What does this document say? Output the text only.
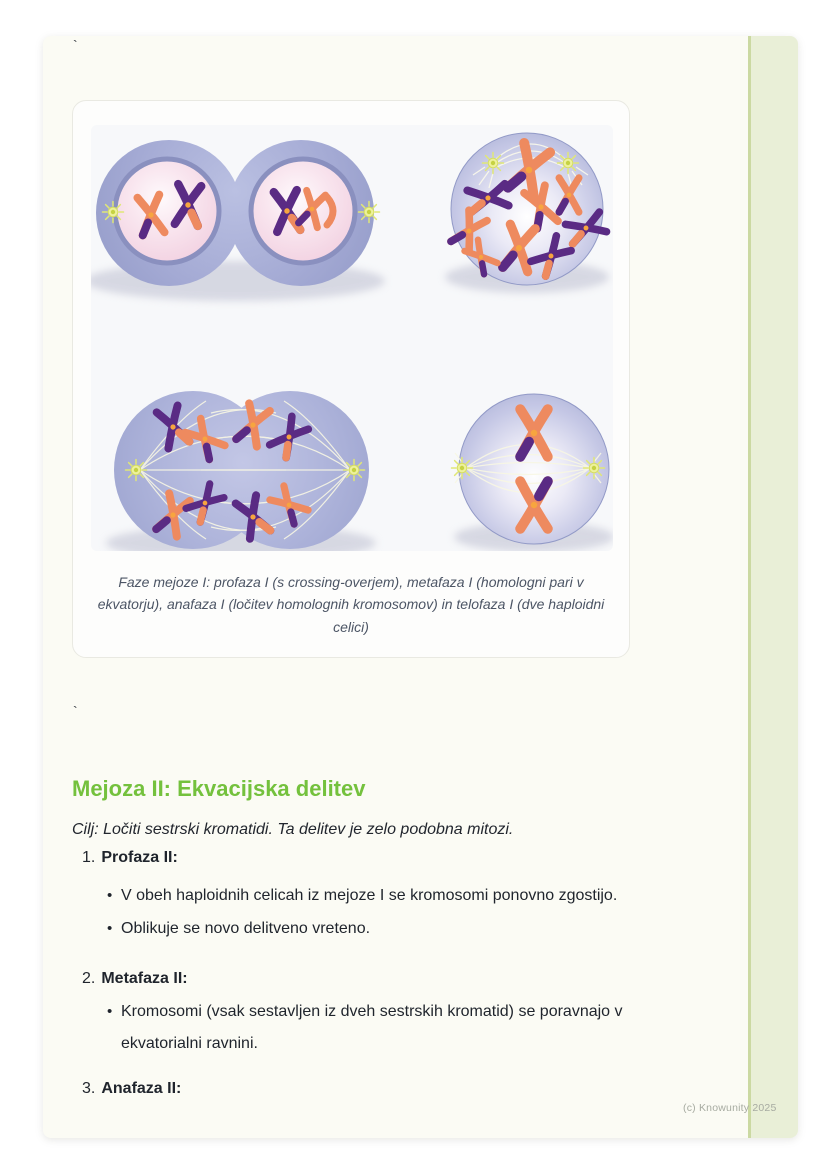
`
Faze mejoze I: profaza I (s crossing-overjem), metafaza I (homologni pari v ekvatorju), anafaza I (ločitev homolognih kromosomov) in telofaza I (dve haploidni celici)
`
Mejoza II: Ekvacijska delitev

Cilj: Ločiti sestrski kromatidi. Ta delitev je zelo podobna mitozi.

1. Profaza II:
• V obeh haploidnih celicah iz mejoze I se kromosomi ponovno zgostijo.
• Oblikuje se novo delitveno vreteno.
2. Metafaza II:
• Kromosomi (vsak sestavljen iz dveh sestrskih kromatid) se poravnajo v ekvatorialni ravnini.
3. Anafaza II:
(c) Knowunity 2025
